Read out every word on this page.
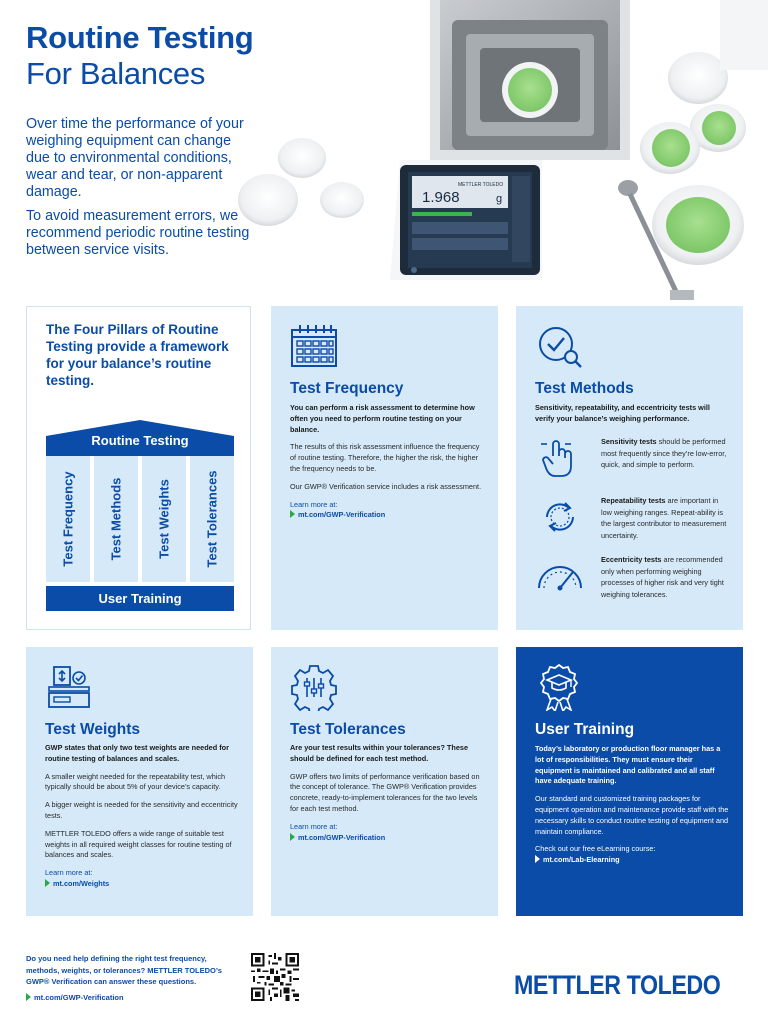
Routine Testing
For Balances

Over time the performance of your weighing equipment can change due to environmental conditions, wear and tear, or non-apparent damage.

To avoid measurement errors, we recommend periodic routine testing between service visits.

1.968	g
METTLER TOLEDO

The Four Pillars of Routine Testing provide a framework for your balance’s routine testing.

Routine Testing
Test Frequency	Test Methods	Test Weights	Test Tolerances
User Training
Test Frequency

You can perform a risk assessment to determine how often you need to perform routine testing on your balance.

The results of this risk assessment influence the frequency of routine testing. Therefore, the higher the risk, the higher the frequency needs to be.

Our GWP® Verification service includes a risk assessment.

Learn more at:

mt.com/GWP-Verification

Test Methods

Sensitivity, repeatability, and eccentricity tests will verify your balance’s weighing performance.

Sensitivity tests should be performed most frequently since they’re low-error, quick, and simple to perform.

Repeatability tests are important in low weighing ranges. Repeat-ability is the largest contributor to measurement uncertainty.

Eccentricity tests are recommended only when performing weighing processes of higher risk and very tight weighing tolerances.

Test Weights

GWP states that only two test weights are needed for routine testing of balances and scales.

A smaller weight needed for the repeatability test, which typically should be about 5% of your device’s capacity.

A bigger weight is needed for the sensitivity and eccentricity tests.

METTLER TOLEDO offers a wide range of suitable test weights in all required weight classes for routine testing of balances and scales.

Learn more at:

mt.com/Weights

Test Tolerances

Are your test results within your tolerances? These should be defined for each test method.

GWP offers two limits of performance verification based on the concept of tolerance. The GWP® Verification provides concrete, ready-to-implement tolerances for the two levels for each test method.

Learn more at:

mt.com/GWP-Verification

User Training

Today’s laboratory or production floor manager has a lot of responsibilities. They must ensure their equipment is maintained and calibrated and all staff have adequate training.

Our standard and customized training packages for equipment operation and maintenance provide staff with the necessary skills to conduct routine testing of equipment and maintain compliance.

Check out our free eLearning course:

mt.com/Lab-Elearning

Do you need help defining the right test frequency, methods, weights, or tolerances? METTLER TOLEDO’s GWP® Verification can answer these questions.
mt.com/GWP-Verification	METTLER TOLEDO
